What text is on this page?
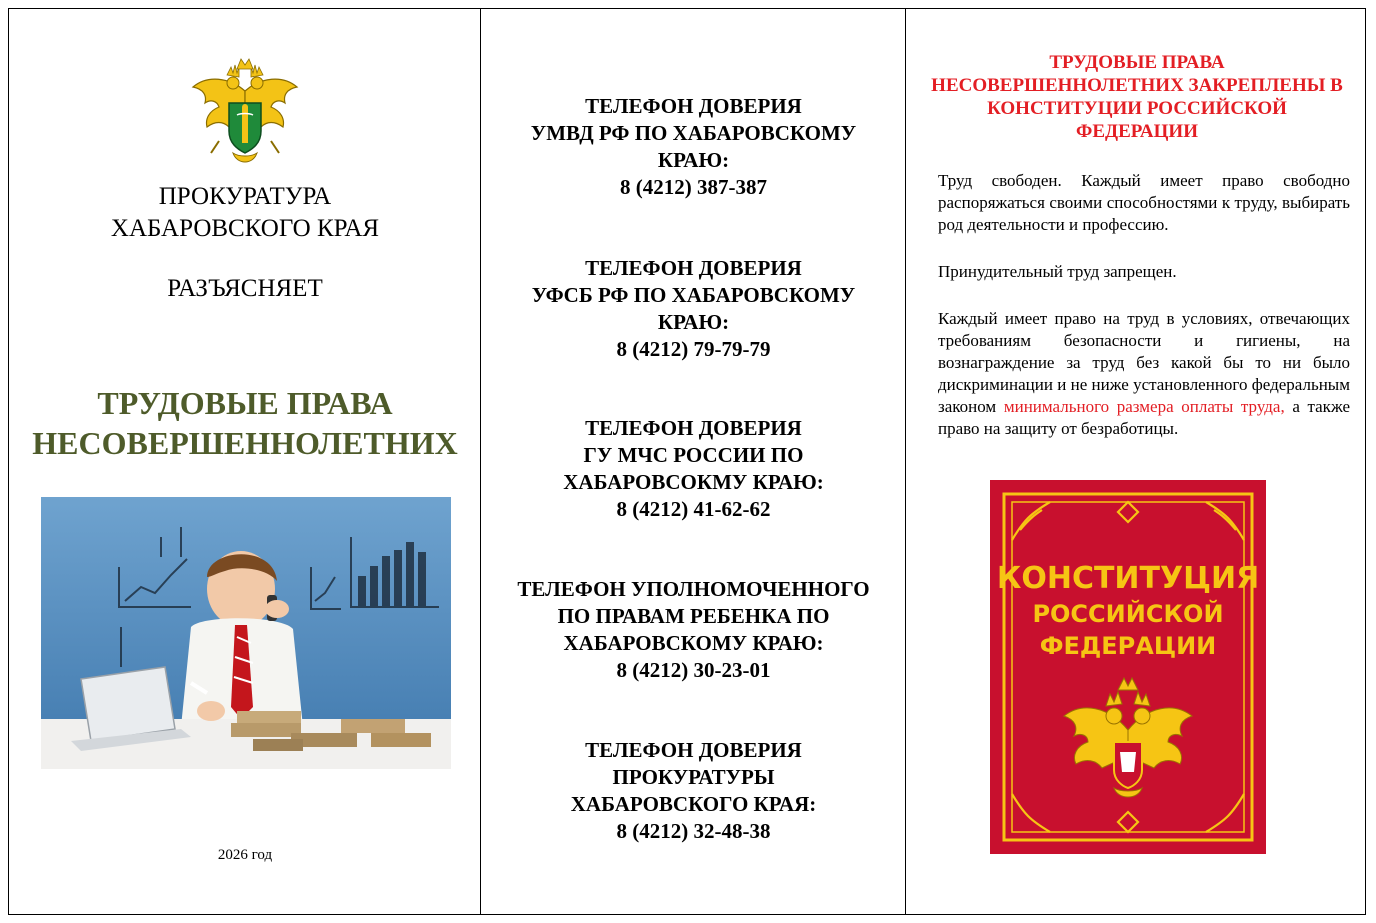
ПРОКУРАТУРА
ХАБАРОВСКОГО КРАЯ
РАЗЪЯСНЯЕТ
ТРУДОВЫЕ ПРАВА
НЕСОВЕРШЕННОЛЕТНИХ
2026 год
ТЕЛЕФОН ДОВЕРИЯ
УМВД РФ ПО ХАБАРОВСКОМУ
КРАЮ:
8 (4212) 387-387
ТЕЛЕФОН ДОВЕРИЯ
УФСБ РФ ПО ХАБАРОВСКОМУ
КРАЮ:
8 (4212) 79-79-79
ТЕЛЕФОН ДОВЕРИЯ
ГУ МЧС РОССИИ ПО
ХАБАРОВСОКМУ КРАЮ:
8 (4212) 41-62-62
ТЕЛЕФОН УПОЛНОМОЧЕННОГО
ПО ПРАВАМ РЕБЕНКА ПО
ХАБАРОВСКОМУ КРАЮ:
8 (4212) 30-23-01
ТЕЛЕФОН ДОВЕРИЯ
ПРОКУРАТУРЫ
ХАБАРОВСКОГО КРАЯ:
8 (4212) 32-48-38
ТРУДОВЫЕ ПРАВА
НЕСОВЕРШЕННОЛЕТНИХ ЗАКРЕПЛЕНЫ В
КОНСТИТУЦИИ РОССИЙСКОЙ
ФЕДЕРАЦИИ
Труд свободен. Каждый имеет право свободно распоряжаться своими способностями к труду, выбирать род деятельности и профессию.
Принудительный труд запрещен.
Каждый имеет право на труд в условиях, отвечающих требованиям безопасности и гигиены, на вознаграждение за труд без какой бы то ни было дискриминации и не ниже установленного федеральным законом минимального размера оплаты труда, а также право на защиту от безработицы.
КОНСТИТУЦИЯ
РОССИЙСКОЙ
ФЕДЕРАЦИИ
